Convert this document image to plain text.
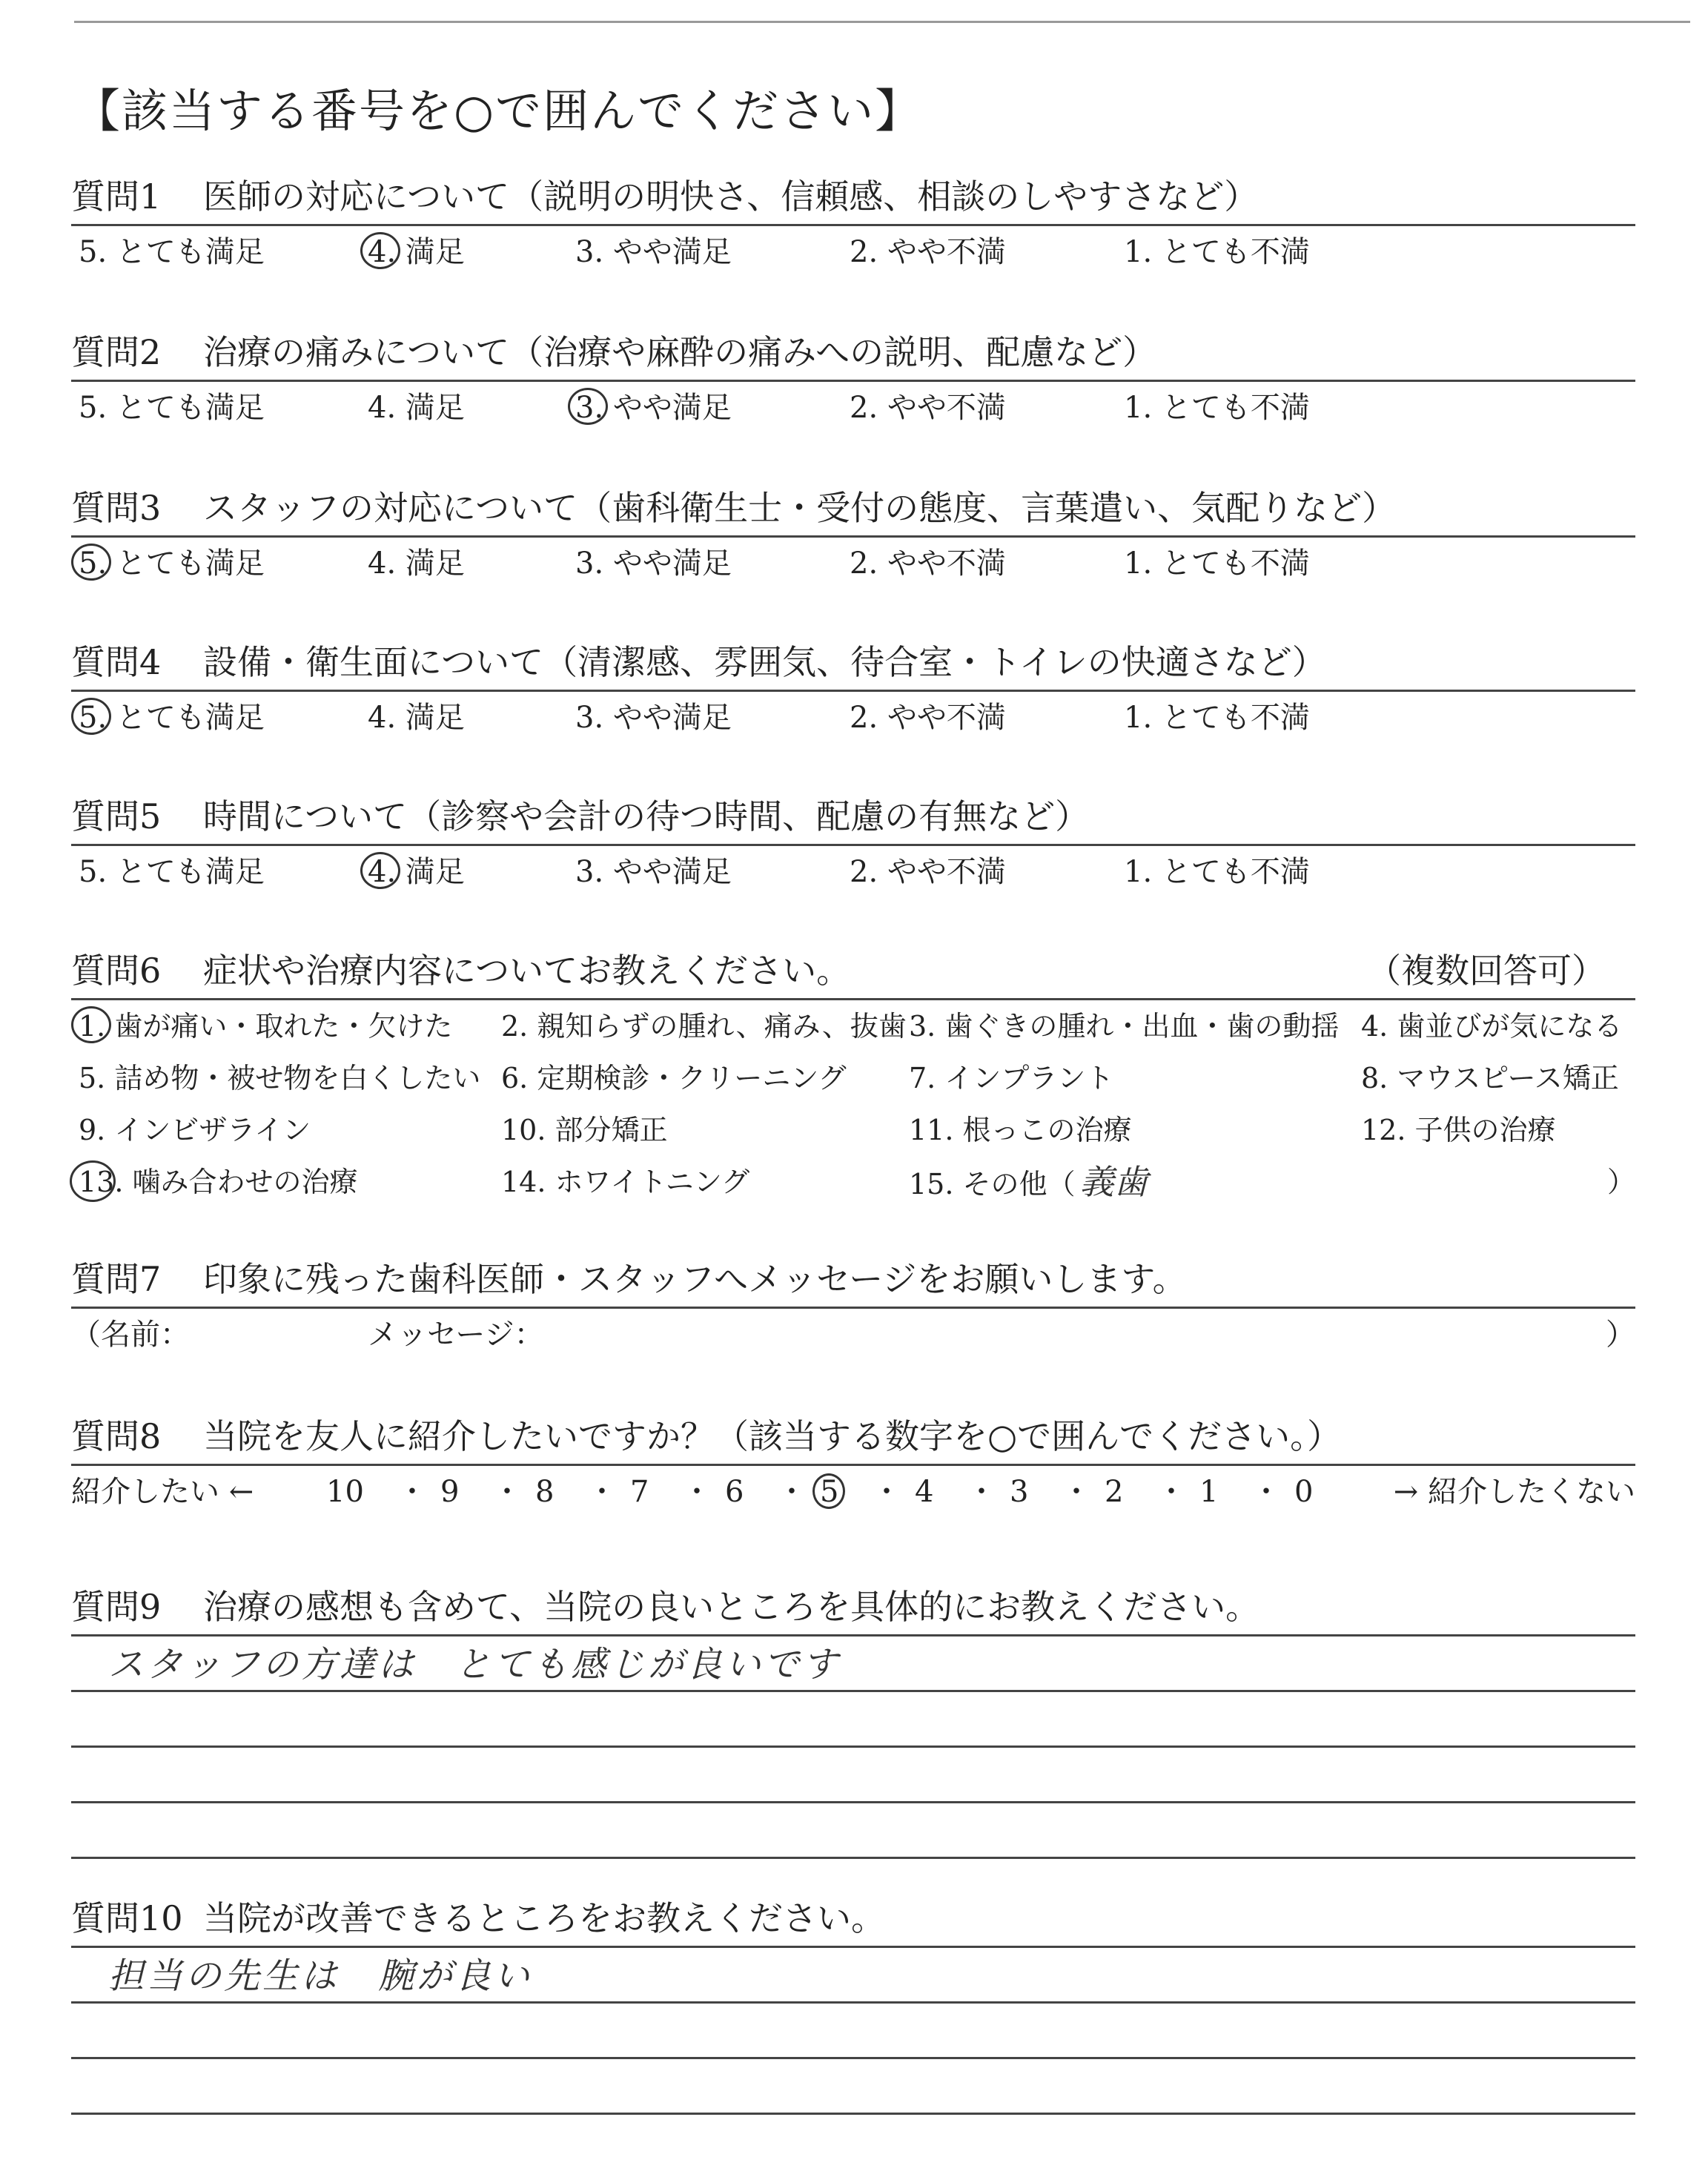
【該当する番号を○で囲んでください】
質問1 医師の対応について（説明の明快さ、信頼感、相談のしやすさなど）
5. とても満足	4. 満足	3. やや満足	2. やや不満	1. とても不満
質問2 治療の痛みについて（治療や麻酔の痛みへの説明、配慮など）
5. とても満足	4. 満足	3. やや満足	2. やや不満	1. とても不満
質問3 スタッフの対応について（歯科衛生士・受付の態度、言葉遣い、気配りなど）
5. とても満足	4. 満足	3. やや満足	2. やや不満	1. とても不満
質問4 設備・衛生面について（清潔感、雰囲気、待合室・トイレの快適さなど）
5. とても満足	4. 満足	3. やや満足	2. やや不満	1. とても不満
質問5 時間について（診察や会計の待つ時間、配慮の有無など）
5. とても満足	4. 満足	3. やや満足	2. やや不満	1. とても不満
質問6 症状や治療内容についてお教えください。	（複数回答可）
1. 歯が痛い・取れた・欠けた 2. 親知らずの腫れ、痛み、抜歯 3. 歯ぐきの腫れ・出血・歯の動揺 4. 歯並びが気になる
5. 詰め物・被せ物を白くしたい 6. 定期検診・クリーニング 7. インプラント	8. マウスピース矯正
9. インビザライン	10. 部分矯正	11. 根っこの治療	12. 子供の治療
13. 噛み合わせの治療	14. ホワイトニング	15. その他（ 義歯	）
質問7 印象に残った歯科医師・スタッフへメッセージをお願いします。
（名前：	メッセージ：	）
質問8 当院を友人に紹介したいですか？（該当する数字を○で囲んでください。）
紹介したい ← 10 ・ 9 ・ 8 ・ 7 ・ 6 ・ 5 ・ 4 ・ 3 ・ 2 ・ 1 ・ 0	→ 紹介したくない
質問9 治療の感想も含めて、当院の良いところを具体的にお教えください。
スタッフの方達は　とても感じが良いです
質問10 当院が改善できるところをお教えください。
担当の先生は　腕が良い
